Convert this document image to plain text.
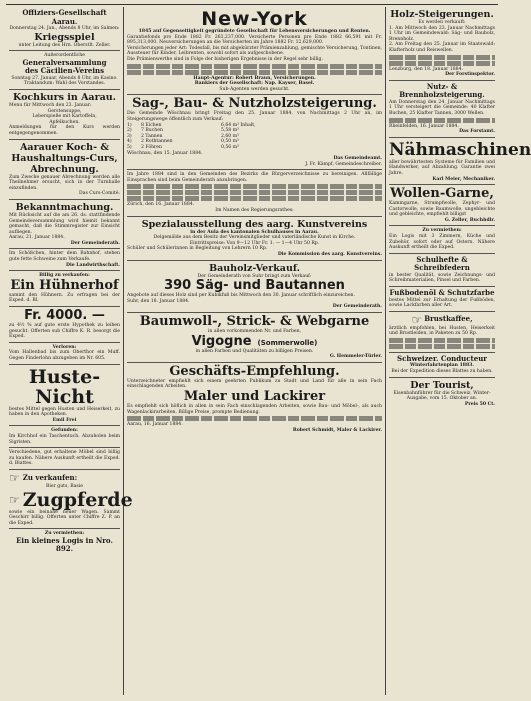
Offiziers-Gesellschaft Aarau.

Donnerstag 24. Jan., Abends 8 Uhr, im Salmen:

Kriegsspiel

unter Leitung des Hrn. Oberstlt. Zeller.

Außerordentliche

Generalversammlung
des Cäcilien-Vereins

Sonntag 27. Januar, Abends 8 Uhr, im Kasino.

Traktandum: Wahl des Vorstandes.

Kochkurs in Aarau.

Menu für Mittwoch den 23. Januar:

Gerstensuppe,

Leberspieße mit Kartoffeln,

Apfelkuchen.

Anmeldungen für den Kurs werden entgegengenommen.

Aarauer Koch- & Haushaltungs-Curs, Abrechnung.

Zum Zwecke genauer Abrechnung werden alle Theilnehmer ersucht, sich in der Turnhalle einzufinden.

Das Curs-Comité.

Bekanntmachung.

Mit Rücksicht auf die am 26. ds. stattfindende Gemeindeversammlung wird hiemit bekannt gemacht, daß die Stimmregister zur Einsicht aufliegen.

Aarau, 21. Januar 1884.

Der Gemeinderath.

Im Schößchen, hinter dem Bahnhof, stehen gute fette Schweine zum Verkaufe.

Die Landwirthschaft.

Billig zu verkaufen:

Ein Hühnerhof

sammt den Hühnern. Zu erfragen bei der Exped. d. Bl.

Fr. 4000. —

zu 4½ % auf gute erste Hypothek zu leihen gesucht. Offerten sub Chiffre K. R. besorgt die Exped.

Verloren:

Vom Hallenbad bis zum Oberthor ein Muff. Gegen Finderlohn abzugeben im Nr. 605.

Huste-Nicht

bestes Mittel gegen Husten und Heiserkeit, zu haben in den Apotheken.

Emil Frei

Gefunden:

Im Kirchhof ein Taschentuch. Abzuholen beim Sigristen.

Verschiedene, gut erhaltene Möbel sind billig zu kaufen. Nähere Auskunft ertheilt die Exped. d. Blattes.

☞ Zu verkaufen:

Bier guts, Basie

☞ Zugpferde

sowie ein beinahe neuer Wagen. Sammt Geschirr billig. Offerten unter Chiffre Z. P. an die Exped.

Zu vermiethen:

Ein kleines Logis in Nro. 892.
New-York

1845 auf Gegenseitigkeit gegründete Gesellschaft für Lebensversicherungen und Renten.

Garantiefonds pro Ende 1882 Fr. 263,237,000. Versicherte Personen pro Ende 1882 66,591 mit Fr. 895,313,000. Neuversicherungen an die Versicherten im Jahre 1882 Fr. 12,629,000.

Versicherungen jeder Art: Todesfall, bis mit abgekürzter Prämienzahlung, gemischte Versicherung, Tontinen, Aussteuer für Kinder, Leibrenten, sowohl sofort als aufgeschobene.

Die Prämienwerthe sind in Folge der bisherigen Ergebnisse in der Regel sehr billig.

Haupt-Agentur: Robert Braun, Versicherungen.

Bankiers der Gesellschaft: Nap. Kayser, Basel.

Sub-Agenten werden gesucht.

Sag-, Bau- & Nutzholzsteigerung.

Die Gemeinde Wöschnau bringt Freitag den 25. Januar 1884, von Nachmittags 2 Uhr an, im Steigerungswege öffentlich zum Verkauf:

1) 8 Eichen	6,64 m³ Inhalt,
2) 7 Buchen	5,58 m³
3) 2 Tannen	2,60 m³
4) 2 Rothtannen	0,50 m³
5) 2 Föhren	0,56 m³

Wöschnau, den 15. Januar 1884.

Das Gemeindeamt.

J. Fr. Kämpf, Gemeindeschreiber.

Im Jahre 1884 sind in den Gemeinden des Bezirks die Bürgerverzeichnisse zu bereinigen. Allfällige Einsprachen sind beim Gemeinderath anzubringen.

Zürich, den 16. Januar 1884.

Im Namen des Regierungsrathes:

Spezialausstellung des aarg. Kunstvereins

in der Aula des kantonalen Schulhauses in Aarau.

Delgemälde aus dem Besitz der Vereinsmitglieder und vaterländische Kunst in Kirche.

Eintrittspreise: Von 9—12 Uhr Fr. 1. — 1—4 Uhr 50 Rp.

Schüler und Schülerinnen in Begleitung von Lehrern 10 Rp.

Die Kommission des aarg. Kunstvereins.

Bauholz-Verkauf.

Der Gemeinderath von Suhr bringt zum Verkauf:

390 Säg- und Bautannen

Angebote auf dieses Holz sind per Kubikfuß bis Mittwoch den 30. Januar schriftlich einzureichen.

Suhr, den 18. Januar 1884.

Der Gemeinderath.

Baumwoll-, Strick- & Webgarne

in allen vorkommenden Nr. und Farben,

Vigogne (Sommerwolle)

in allen Farben und Qualitäten zu billigen Preisen.

G. Hemmeler-Türler.

Geschäfts-Empfehlung.

Unterzeichneter empfiehlt sich einem geehrten Publikum zu Stadt und Land für alle in sein Fach einschlagenden Arbeiten.

Maler und Lackirer

Es empfiehlt sich höflich in allen in sein Fach einschlagenden Arbeiten, sowie Bau- und Möbel-, als auch Wagenlackirarbeiten. Billige Preise, prompte Bedienung.

Aarau, 16. Januar 1884.

Robert Schmidt, Maler & Lackirer.

Holz-Steigerungen.

Es werden verkauft:

1. Am Mittwoch den 23. Januar Nachmittags 1 Uhr im Gemeindewald: Säg- und Bauholz, Brennholz.

2. Am Freitag den 25. Januar im Staatswald: Klafterholz und Reiswellen.

Lenzburg, den 18. Januar 1884.

Der Forstinspektor.

Nutz- & Brennholzsteigerung.

Am Donnerstag den 24. Januar Nachmittags 1 Uhr versteigert die Gemeinde: 40 Klafter Buchen, 25 Klafter Tannen, 3000 Wellen.

Rheinfelden, 16. Januar 1884.

Das Forstamt.

Nähmaschinen

aller bewährtesten Systeme für Familien und Handwerker, auf Abzahlung. Garantie zwei Jahre.

Karl Meier, Mechaniker.

Wollen-Garne,

Kammgarne, Strumpfwolle, Zephyr- und Castorwolle, sowie Baumwolle, ungebleichte und gebleichte, empfiehlt billigst

G. Zeller, Buchhdlr.

Zu vermiethen:

Ein Logis mit 3 Zimmern, Küche und Zubehör, sofort oder auf Ostern. Nähere Auskunft ertheilt die Exped.

Schulhefte & Schreibfedern

in bester Qualität, sowie Zeichnungs- und Schreibmaterialien, Pinsel und Farben.

Fußbodenöl & Schutzfarbe

bestes Mittel zur Erhaltung der Fußböden, sowie Lackfarben aller Art.

☞ Brustkaffee,

ärztlich empfohlen, bei Husten, Heiserkeit und Brustleiden, in Paketen zu 50 Rp.

Schweizer. Conducteur

Winterfahrtenplan 1883.

Bei der Expedition dieses Blattes zu haben.

Der Tourist,

Eisenbahnführer für die Schweiz, Winter-Ausgabe, vom 15. Oktober an.

Preis 50 Ct.
